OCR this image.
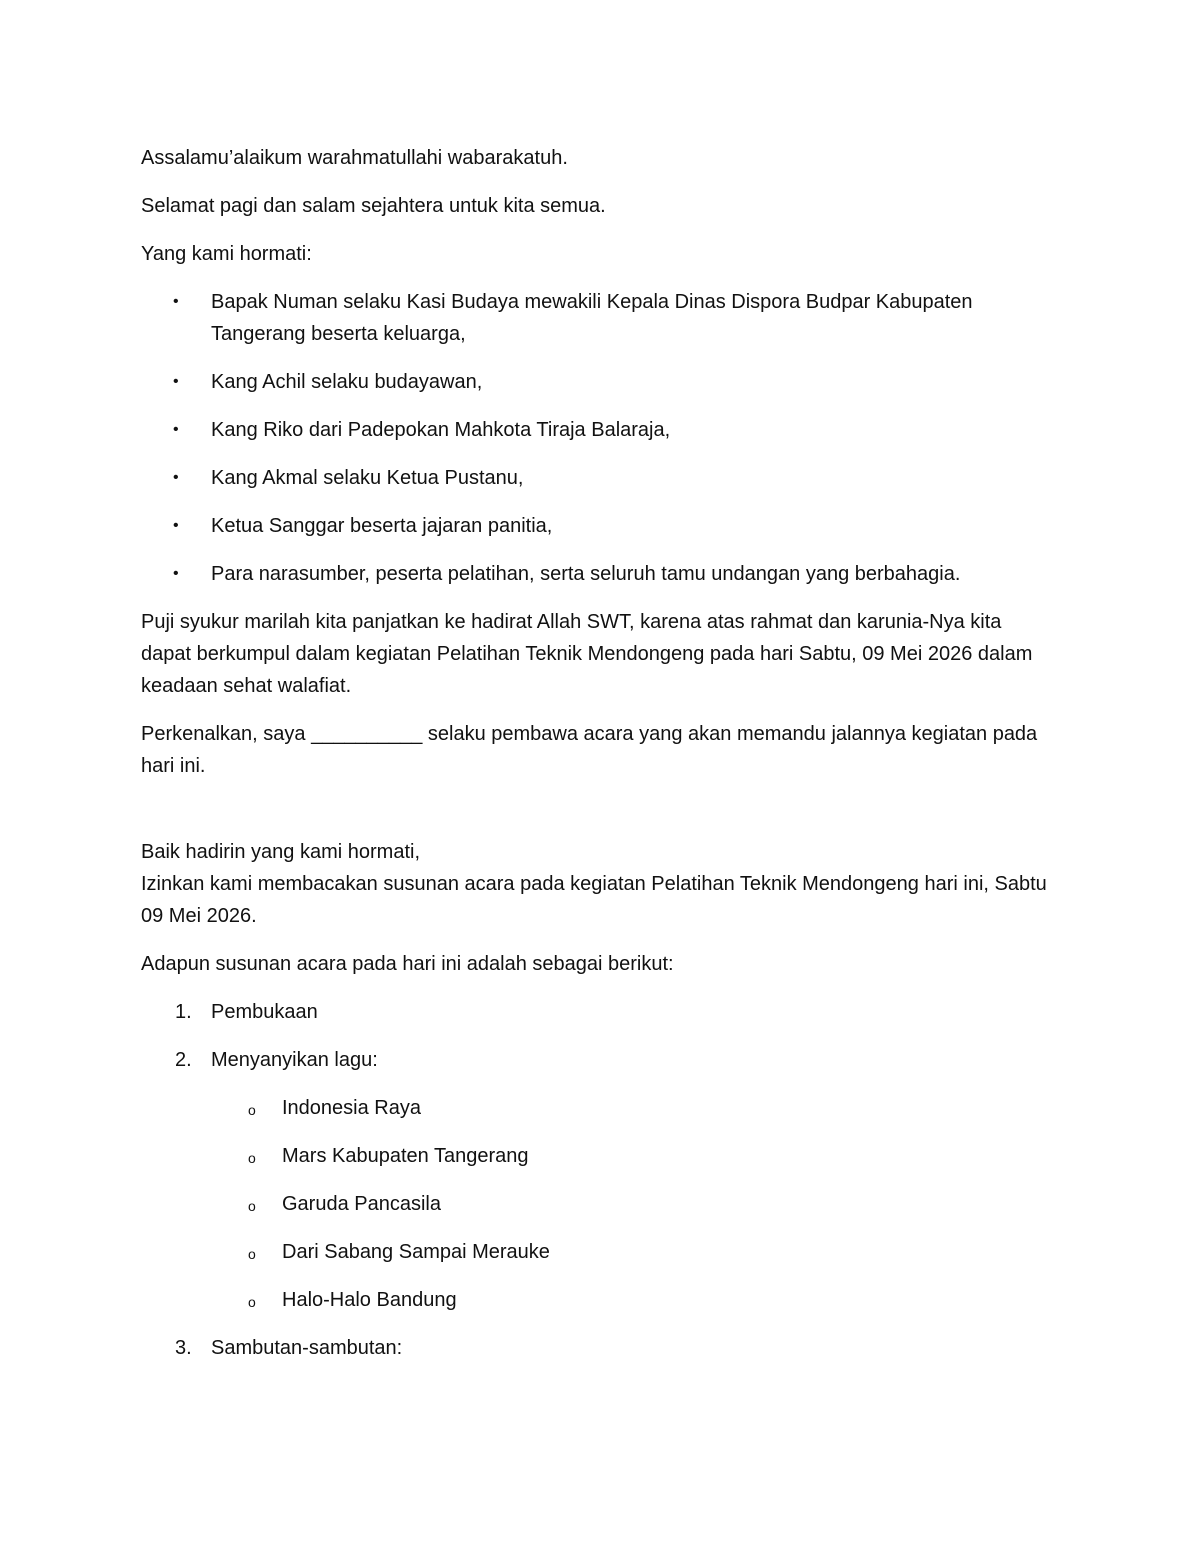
Assalamu’alaikum warahmatullahi wabarakatuh.

Selamat pagi dan salam sejahtera untuk kita semua.

Yang kami hormati:

•	Bapak Numan selaku Kasi Budaya mewakili Kepala Dinas Dispora Budpar Kabupaten Tangerang beserta keluarga,
•	Kang Achil selaku budayawan,
•	Kang Riko dari Padepokan Mahkota Tiraja Balaraja,
•	Kang Akmal selaku Ketua Pustanu,
•	Ketua Sanggar beserta jajaran panitia,
•	Para narasumber, peserta pelatihan, serta seluruh tamu undangan yang berbahagia.

Puji syukur marilah kita panjatkan ke hadirat Allah SWT, karena atas rahmat dan karunia-Nya kita dapat berkumpul dalam kegiatan Pelatihan Teknik Mendongeng pada hari Sabtu, 09 Mei 2026 dalam keadaan sehat walafiat.

Perkenalkan, saya __________ selaku pembawa acara yang akan memandu jalannya kegiatan pada hari ini.

Baik hadirin yang kami hormati,

Izinkan kami membacakan susunan acara pada kegiatan Pelatihan Teknik Mendongeng hari ini, Sabtu 09 Mei 2026.

Adapun susunan acara pada hari ini adalah sebagai berikut:

1. Pembukaan
2. Menyanyikan lagu:
o Indonesia Raya
o Mars Kabupaten Tangerang
o Garuda Pancasila
o Dari Sabang Sampai Merauke
o Halo-Halo Bandung
3. Sambutan-sambutan:
